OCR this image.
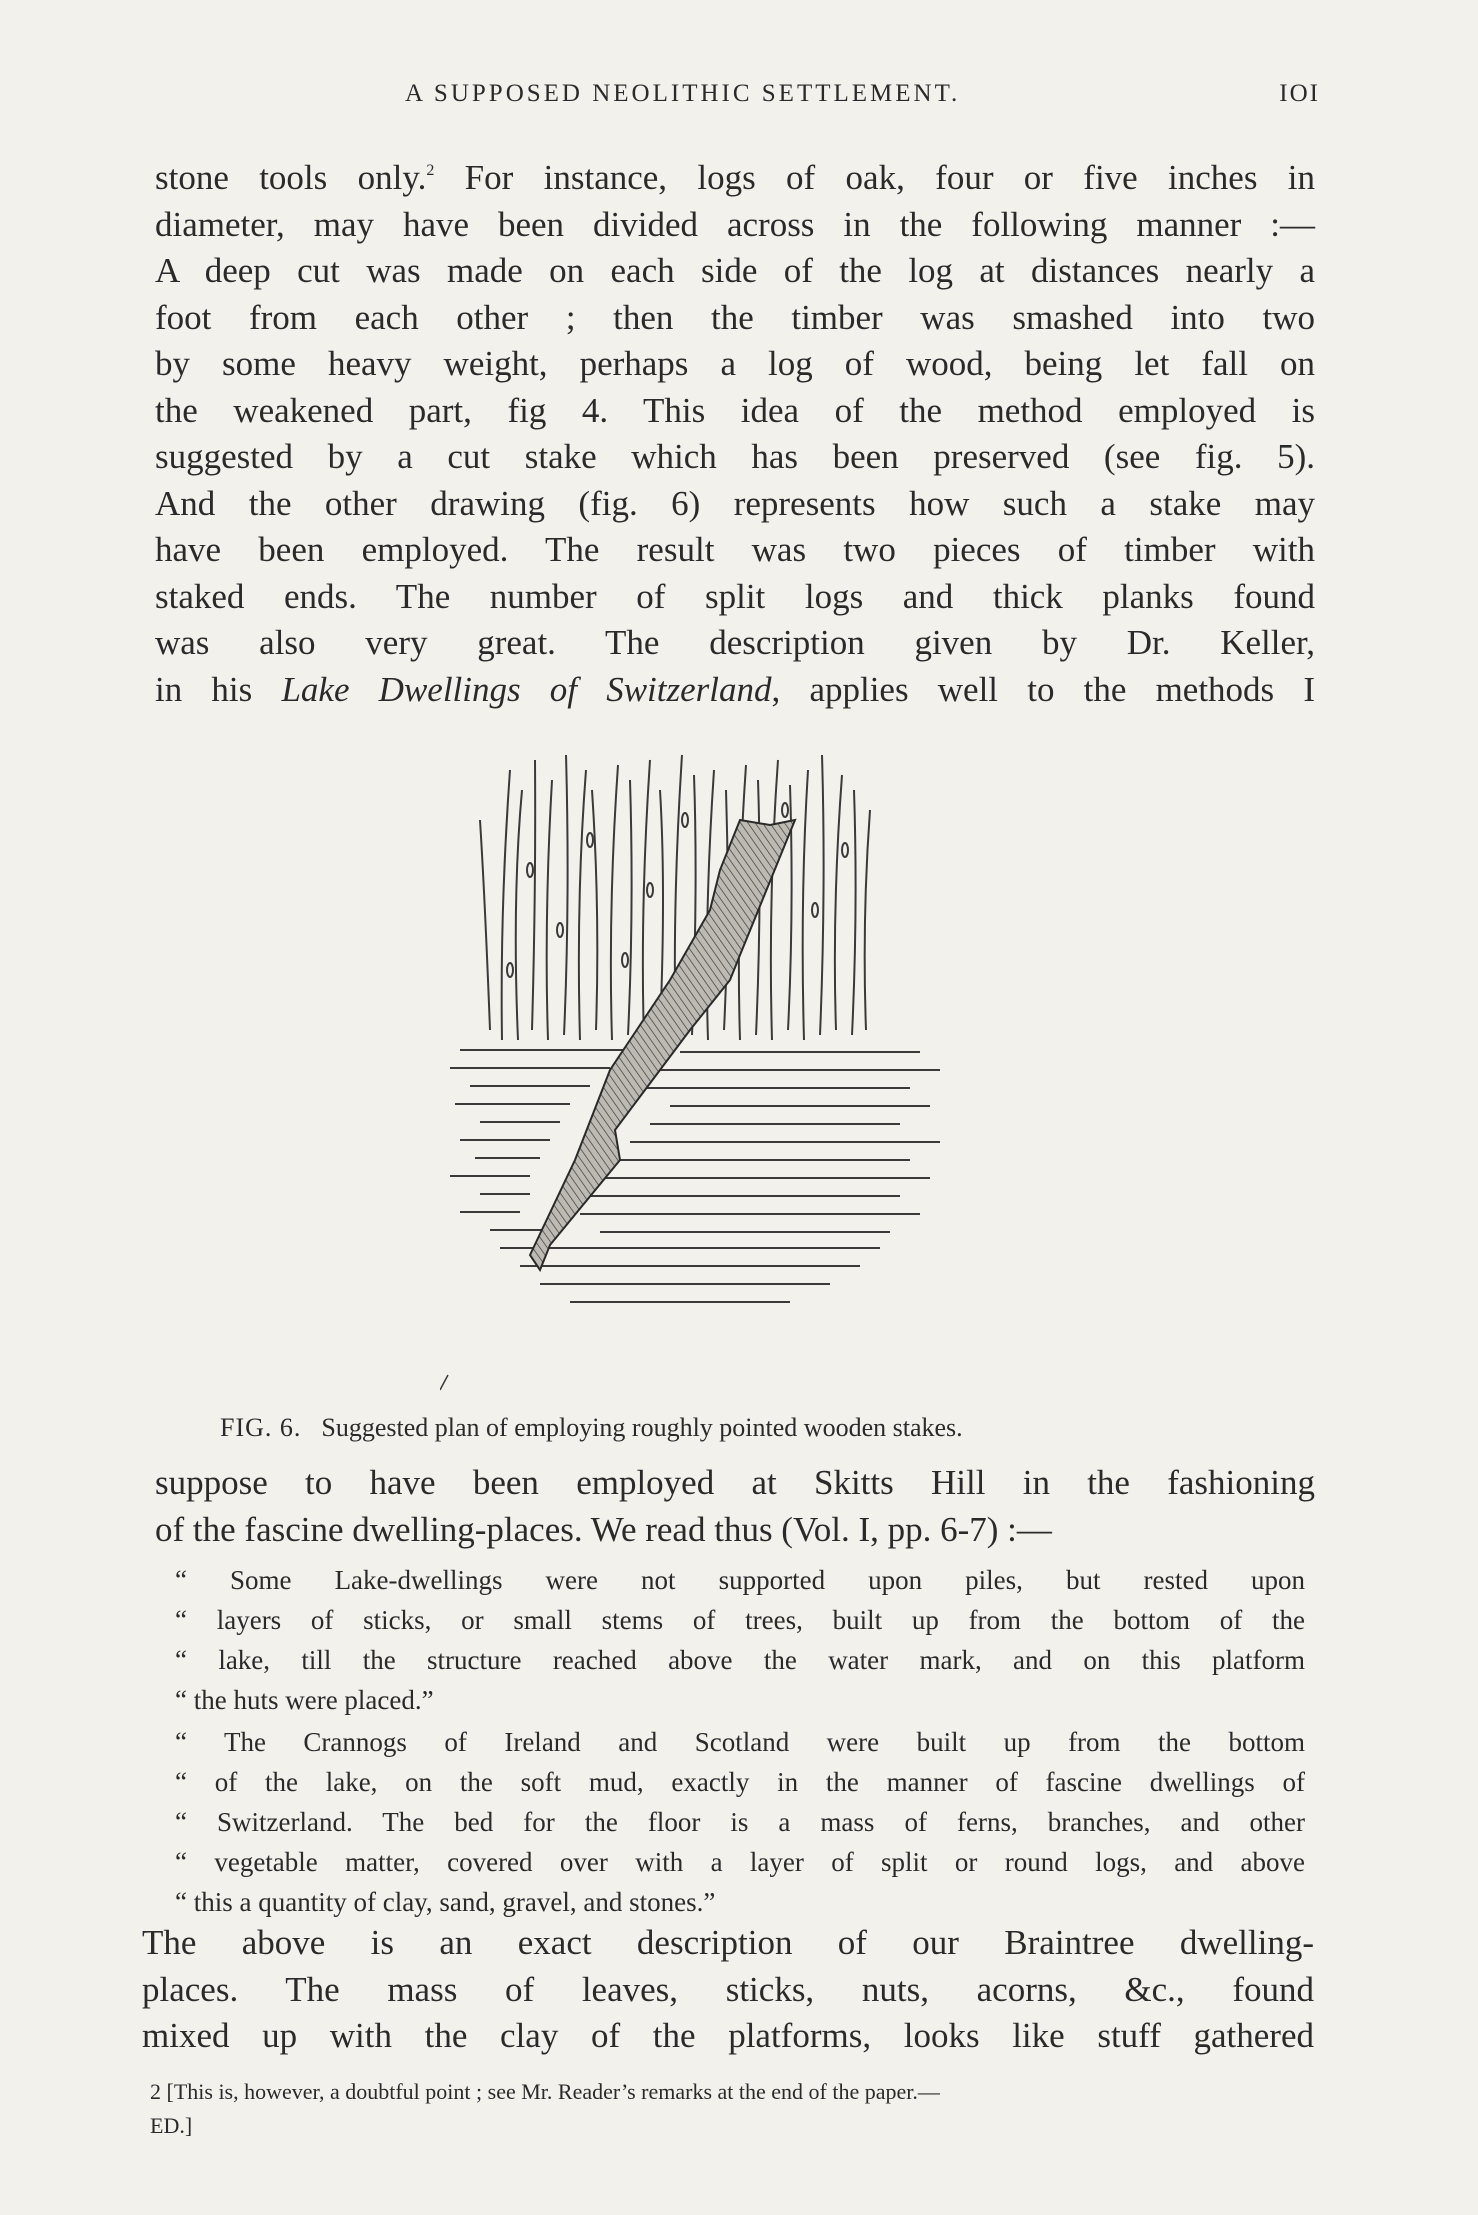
A SUPPOSED NEOLITHIC SETTLEMENT.	IOI
stone tools only.$^2$ For instance, logs of oak, four or five inches in
diameter, may have been divided across in the following manner :—
A deep cut was made on each side of the log at distances nearly a
foot from each other ; then the timber was smashed into two
by some heavy weight, perhaps a log of wood, being let fall on
the weakened part, fig 4. This idea of the method employed is
suggested by a cut stake which has been preserved (see fig. 5).
And the other drawing (fig. 6) represents how such a stake may
have been employed. The result was two pieces of timber with
staked ends. The number of split logs and thick planks found
was also very great. The description given by Dr. Keller,
in his Lake Dwellings of Switzerland, applies well to the methods I
FIG. 6. Suggested plan of employing roughly pointed wooden stakes.
suppose to have been employed at Skitts Hill in the fashioning
of the fascine dwelling-places. We read thus (Vol. I, pp. 6-7) :—
“ Some Lake-dwellings were not supported upon piles, but rested upon
“ layers of sticks, or small stems of trees, built up from the bottom of the
“ lake, till the structure reached above the water mark, and on this platform
“ the huts were placed.”
“ The Crannogs of Ireland and Scotland were built up from the bottom
“ of the lake, on the soft mud, exactly in the manner of fascine dwellings of
“ Switzerland. The bed for the floor is a mass of ferns, branches, and other
“ vegetable matter, covered over with a layer of split or round logs, and above
“ this a quantity of clay, sand, gravel, and stones.”
The above is an exact description of our Braintree dwelling-
places. The mass of leaves, sticks, nuts, acorns, &c., found
mixed up with the clay of the platforms, looks like stuff gathered
2 [This is, however, a doubtful point ; see Mr. Reader’s remarks at the end of the paper.—
ED.]
